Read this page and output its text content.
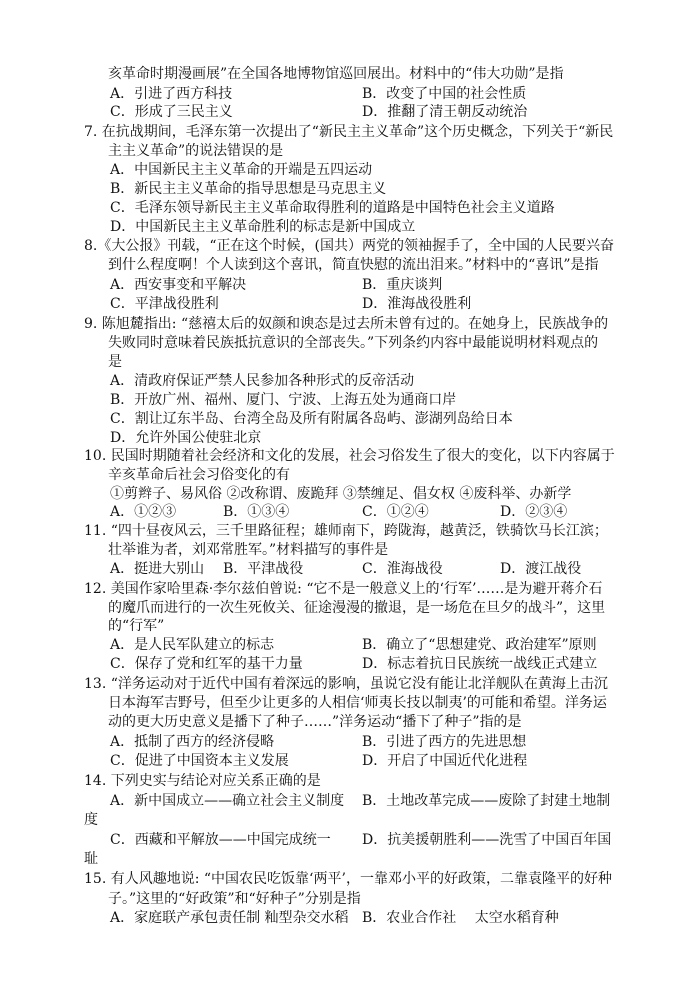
亥革命时期漫画展”在全国各地博物馆巡回展出。材料中的“伟大功勋”是指
A．引进了西方科技	B．改变了中国的社会性质
C．形成了三民主义	D．推翻了清王朝反动统治
7. 在抗战期间，毛泽东第一次提出了“新民主主义革命”这个历史概念，下列关于“新民
主主义革命”的说法错误的是
A．中国新民主主义革命的开端是五四运动
B．新民主主义革命的指导思想是马克思主义
C．毛泽东领导新民主主义革命取得胜利的道路是中国特色社会主义道路
D．中国新民主主义革命胜利的标志是新中国成立
8.《大公报》刊载，“正在这个时候，(国共）两党的领袖握手了，全中国的人民要兴奋
到什么程度啊！个人读到这个喜讯，简直快慰的流出泪来。”材料中的“喜讯”是指
A．西安事变和平解决	B．重庆谈判
C．平津战役胜利	D．淮海战役胜利
9. 陈旭麓指出: “慈禧太后的奴颜和谀态是过去所未曾有过的。在她身上，民族战争的
失败同时意味着民族抵抗意识的全部丧失。”下列条约内容中最能说明材料观点的
是
A．清政府保证严禁人民参加各种形式的反帝活动
B．开放广州、福州、厦门、宁波、上海五处为通商口岸
C．割让辽东半岛、台湾全岛及所有附属各岛屿、澎湖列岛给日本
D．允许外国公使驻北京
10. 民国时期随着社会经济和文化的发展，社会习俗发生了很大的变化，以下内容属于
辛亥革命后社会习俗变化的有
①剪辫子、易风俗 ②改称谓、废跪拜 ③禁缠足、倡女权 ④废科举、办新学
A．①②③	B．①③④	C．①②④	D．②③④
11. “四十昼夜风云，三千里路征程；雄师南下，跨陇海，越黄泛，铁骑饮马长江滨；
壮举谁为者，刘邓常胜军。”材料描写的事件是
A．挺进大别山 B．平津战役	C．淮海战役	D．渡江战役
12. 美国作家哈里森·李尔兹伯曾说: “它不是一般意义上的‘行军’……是为避开蒋介石
的魔爪而进行的一次生死攸关、征途漫漫的撤退，是一场危在旦夕的战斗”，这里
的“行军”
A．是人民军队建立的标志	B．确立了“思想建党、政治建军”原则
C．保存了党和红军的基干力量	D．标志着抗日民族统一战线正式建立
13. “洋务运动对于近代中国有着深远的影响，虽说它没有能让北洋舰队在黄海上击沉
日本海军吉野号，但至少让更多的人相信‘师夷长技以制夷’的可能和希望。洋务运
动的更大历史意义是播下了种子……”洋务运动“播下了种子”指的是
A．抵制了西方的经济侵略	B．引进了西方的先进思想
C．促进了中国资本主义发展	D．开启了中国近代化进程
14. 下列史实与结论对应关系正确的是
A．新中国成立——确立社会主义制度 B．土地改革完成——废除了封建土地制
度
C．西藏和平解放——中国完成统一 D．抗美援朝胜利——洗雪了中国百年国
耻
15. 有人风趣地说: “中国农民吃饭靠‘两平’，一靠邓小平的好政策，二靠袁隆平的好种
子。”这里的“好政策”和“好种子”分别是指
A．家庭联产承包责任制 籼型杂交水稻 B．农业合作社　 太空水稻育种
